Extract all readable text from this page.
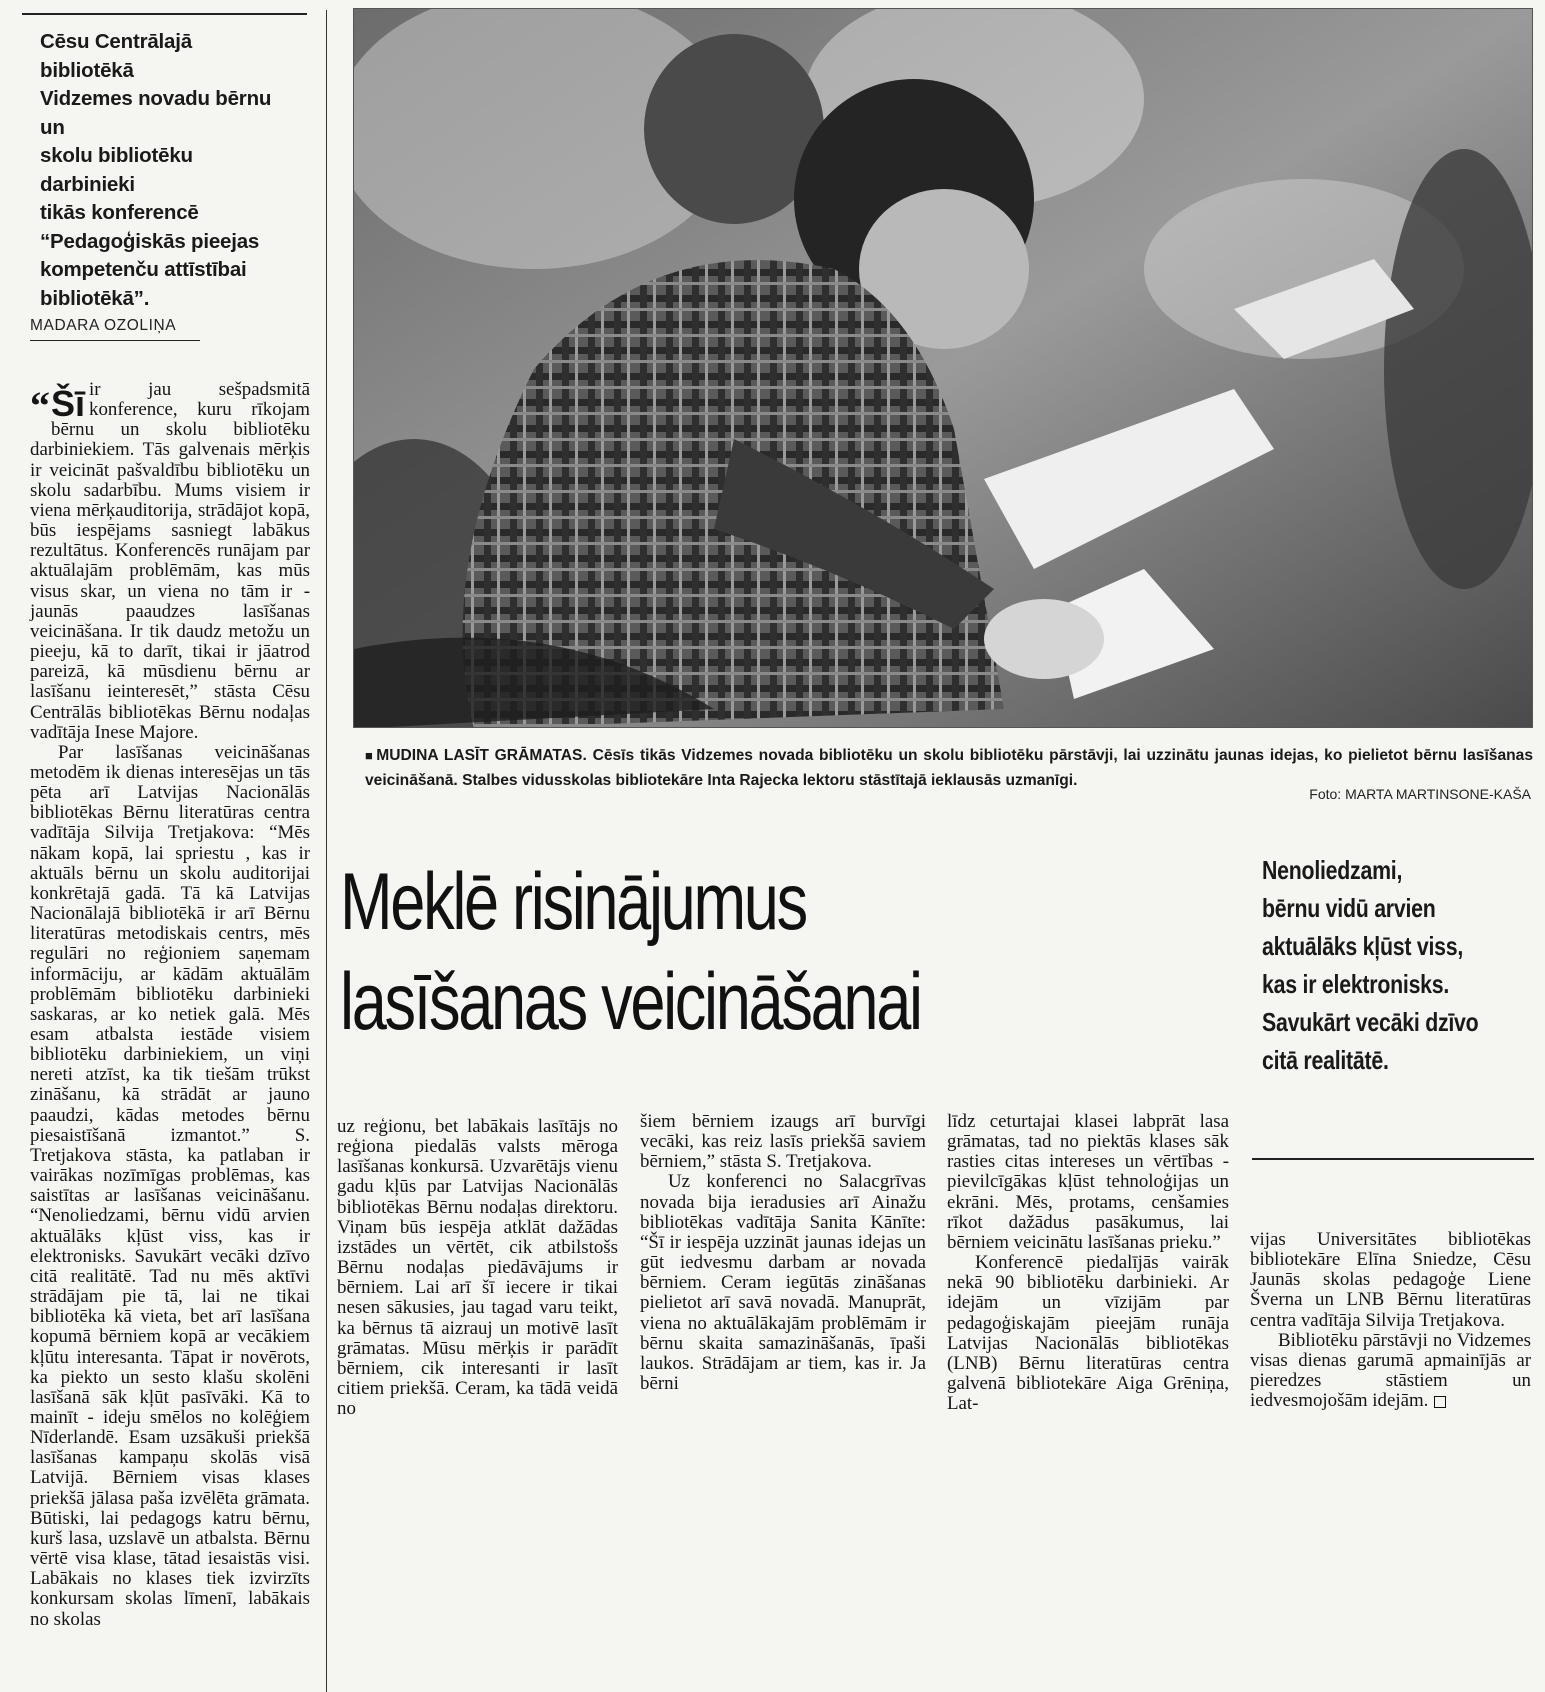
Cēsu Centrālajā bibliotēkā
Vidzemes novadu bērnu un
skolu bibliotēku darbinieki
tikās konferencē
“Pedagoģiskās pieejas
kompetenču attīstībai
bibliotēkā”.
MADARA OZOLIŅA

“ Šī ir jau sešpadsmitā konference, kuru rīkojam bērnu un skolu bibliotēku darbiniekiem. Tās galvenais mērķis ir veicināt pašvaldību bibliotēku un skolu sadarbību. Mums visiem ir viena mērķauditorija, strādājot kopā, būs iespējams sasniegt labākus rezultātus. Konferencēs runājam par aktuālajām problēmām, kas mūs visus skar, un viena no tām ir - jaunās paaudzes lasīšanas veicināšana. Ir tik daudz metožu un pieeju, kā to darīt, tikai ir jāatrod pareizā, kā mūsdienu bērnu ar lasīšanu ieinteresēt,” stāsta Cēsu Centrālās bibliotēkas Bērnu nodaļas vadītāja Inese Majore.

Par lasīšanas veicināšanas metodēm ik dienas interesējas un tās pēta arī Latvijas Nacionālās bibliotēkas Bērnu literatūras centra vadītāja Silvija Tretjakova: “Mēs nākam kopā, lai spriestu , kas ir aktuāls bērnu un skolu auditorijai konkrētajā gadā. Tā kā Latvijas Nacionālajā bibliotēkā ir arī Bērnu literatūras metodiskais centrs, mēs regulāri no reģioniem saņemam informāciju, ar kādām aktuālām problēmām bibliotēku darbinieki saskaras, ar ko netiek galā. Mēs esam atbalsta iestāde visiem bibliotēku darbiniekiem, un viņi nereti atzīst, ka tik tiešām trūkst zināšanu, kā strādāt ar jauno paaudzi, kādas metodes bērnu piesaistīšanā izmantot.” S. Tretjakova stāsta, ka patlaban ir vairākas nozīmīgas problēmas, kas saistītas ar lasīšanas veicināšanu. “Nenoliedzami, bērnu vidū arvien aktuālāks kļūst viss, kas ir elektronisks. Savukārt vecāki dzīvo citā realitātē. Tad nu mēs aktīvi strādājam pie tā, lai ne tikai bibliotēka kā vieta, bet arī lasīšana kopumā bērniem kopā ar vecākiem kļūtu interesanta. Tāpat ir novērots, ka piekto un sesto klašu skolēni lasīšanā sāk kļūt pasīvāki. Kā to mainīt - ideju smēlos no kolēģiem Nīderlandē. Esam uzsākuši priekšā lasīšanas kampaņu skolās visā Latvijā. Bērniem visas klases priekšā jālasa paša izvēlēta grāmata. Būtiski, lai pedagogs katru bērnu, kurš lasa, uzslavē un atbalsta. Bērnu vērtē visa klase, tātad iesaistās visi. Labākais no klases tiek izvirzīts konkursam skolas līmenī, labākais no skolas

■ MUDINA LASĪT GRĀMATAS. Cēsīs tikās Vidzemes novada bibliotēku un skolu bibliotēku pārstāvji, lai uzzinātu jaunas idejas, ko pielietot bērnu lasīšanas veicināšanā. Stalbes vidusskolas bibliotekāre Inta Rajecka lektoru stāstītajā ieklausās uzmanīgi.
Foto: MARTA MARTINSONE-KAŠA
Meklē risinājumus
lasīšanas veicināšanai
Nenoliedzami,
bērnu vidū arvien
aktuālāks kļūst viss,
kas ir elektronisks.
Savukārt vecāki dzīvo
citā realitātē.

uz reģionu, bet labākais lasītājs no reģiona piedalās valsts mēroga lasīšanas konkursā. Uzvarētājs vienu gadu kļūs par Latvijas Nacionālās bibliotēkas Bērnu nodaļas direktoru. Viņam būs iespēja atklāt dažādas izstādes un vērtēt, cik atbilstošs Bērnu nodaļas piedāvājums ir bērniem. Lai arī šī iecere ir tikai nesen sākusies, jau tagad varu teikt, ka bērnus tā aizrauj un motivē lasīt grāmatas. Mūsu mērķis ir parādīt bērniem, cik interesanti ir lasīt citiem priekšā. Ceram, ka tādā veidā no

šiem bērniem izaugs arī burvīgi vecāki, kas reiz lasīs priekšā saviem bērniem,” stāsta S. Tretjakova.

Uz konferenci no Salacgrīvas novada bija ieradusies arī Ainažu bibliotēkas vadītāja Sanita Kānīte: “Šī ir iespēja uzzināt jaunas idejas un gūt iedvesmu darbam ar novada bērniem. Ceram iegūtās zināšanas pielietot arī savā novadā. Manuprāt, viena no aktuālākajām problēmām ir bērnu skaita samazināšanās, īpaši laukos. Strādājam ar tiem, kas ir. Ja bērni

līdz ceturtajai klasei labprāt lasa grāmatas, tad no piektās klases sāk rasties citas intereses un vērtības - pievilcīgākas kļūst tehnoloģijas un ekrāni. Mēs, protams, cenšamies rīkot dažādus pasākumus, lai bērniem veicinātu lasīšanas prieku.”

Konferencē piedalījās vairāk nekā 90 bibliotēku darbinieki. Ar idejām un vīzijām par pedagoģiskajām pieejām runāja Latvijas Nacionālās bibliotēkas (LNB) Bērnu literatūras centra galvenā bibliotekāre Aiga Grēniņa, Lat-

vijas Universitātes bibliotēkas bibliotekāre Elīna Sniedze, Cēsu Jaunās skolas pedagoģe Liene Šverna un LNB Bērnu literatūras centra vadītāja Silvija Tretjakova.

Bibliotēku pārstāvji no Vidzemes visas dienas garumā apmainījās ar pieredzes stāstiem un iedvesmojošām idejām.
